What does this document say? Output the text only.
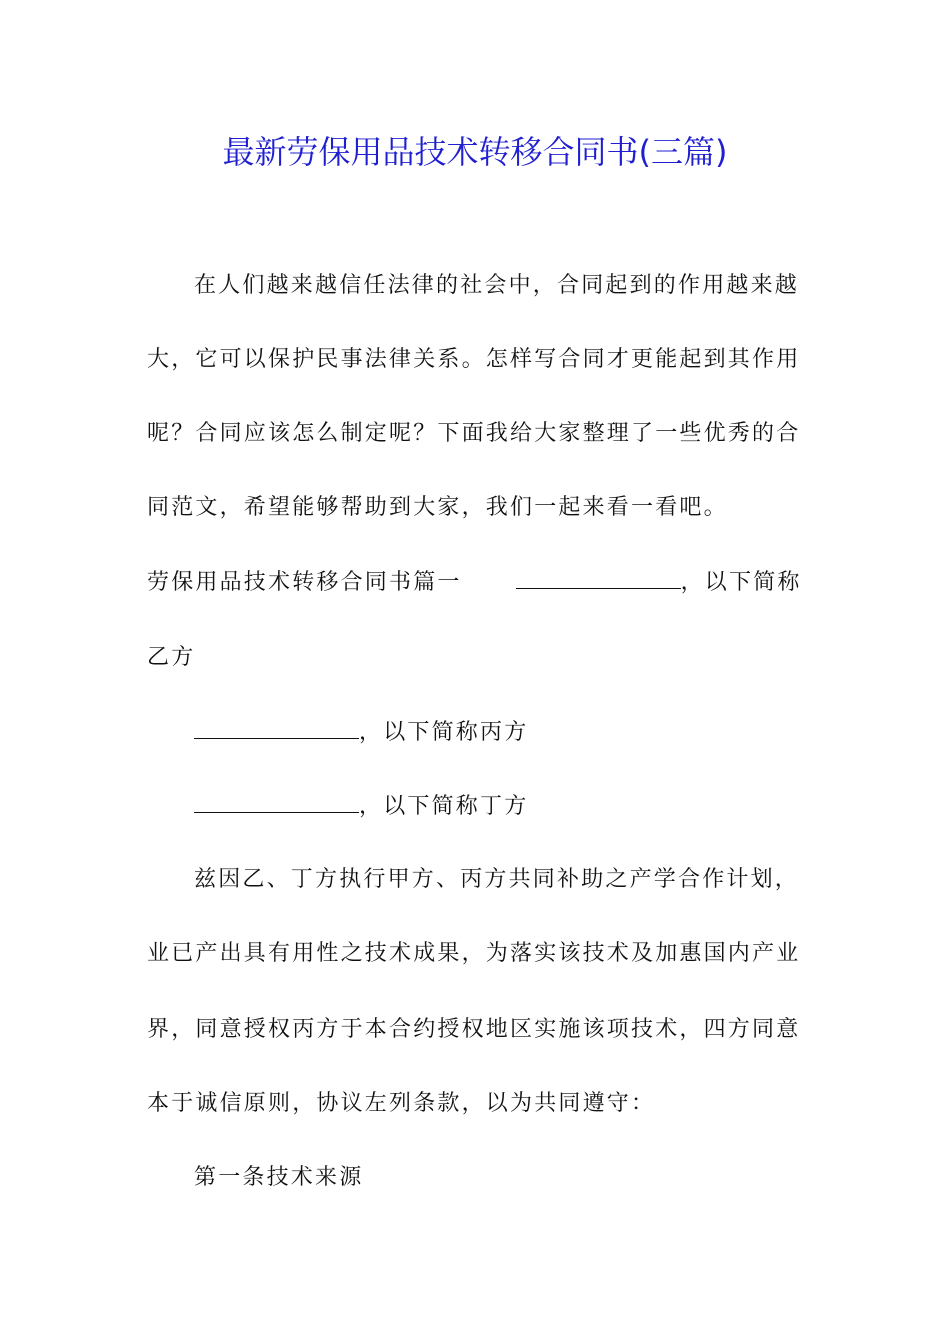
最新劳保用品技术转移合同书(三篇)
在人们越来越信任法律的社会中，合同起到的作用越来越
大，它可以保护民事法律关系。怎样写合同才更能起到其作用
呢？合同应该怎么制定呢？下面我给大家整理了一些优秀的合
同范文，希望能够帮助到大家，我们一起来看一看吧。
劳保用品技术转移合同书篇一	，以下简称
乙方
，以下简称丙方
，以下简称丁方
兹因乙、丁方执行甲方、丙方共同补助之产学合作计划，
业已产出具有用性之技术成果，为落实该技术及加惠国内产业
界，同意授权丙方于本合约授权地区实施该项技术，四方同意
本于诚信原则，协议左列条款，以为共同遵守：
第一条技术来源
